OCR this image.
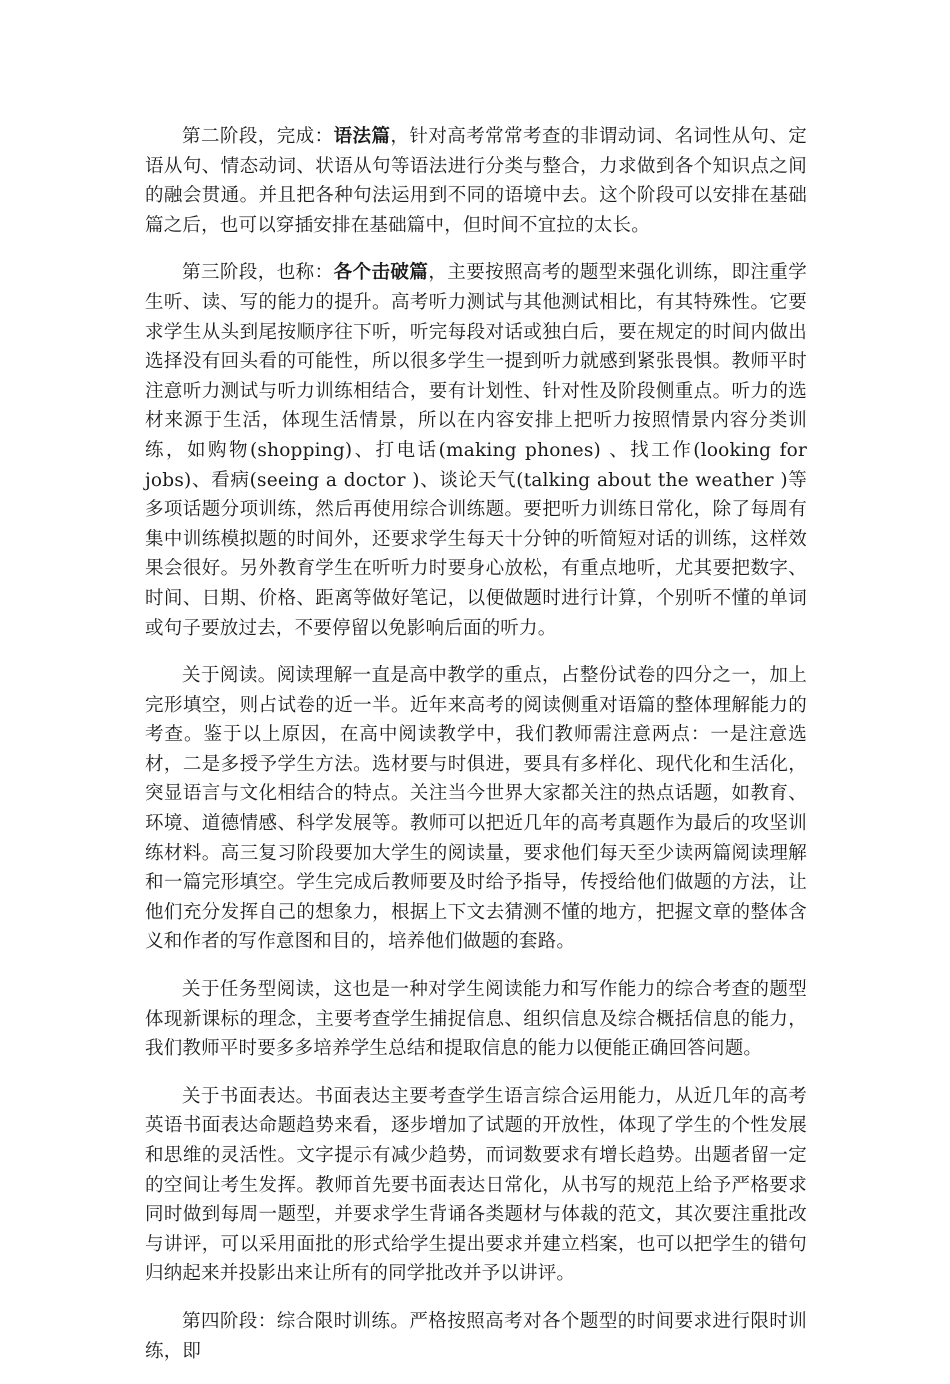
第二阶段，完成：语法篇，针对高考常常考查的非谓动词、名词性从句、定语从句、情态动词、状语从句等语法进行分类与整合，力求做到各个知识点之间的融会贯通。并且把各种句法运用到不同的语境中去。这个阶段可以安排在基础篇之后，也可以穿插安排在基础篇中，但时间不宜拉的太长。

第三阶段，也称：各个击破篇，主要按照高考的题型来强化训练，即注重学生听、读、写的能力的提升。高考听力测试与其他测试相比，有其特殊性。它要求学生从头到尾按顺序往下听，听完每段对话或独白后，要在规定的时间内做出选择没有回头看的可能性，所以很多学生一提到听力就感到紧张畏惧。教师平时注意听力测试与听力训练相结合，要有计划性、针对性及阶段侧重点。听力的选材来源于生活，体现生活情景，所以在内容安排上把听力按照情景内容分类训练，如购物(shopping)、打电话(making phones) 、找工作(looking for jobs)、看病(seeing a doctor )、谈论天气(talking about the weather )等多项话题分项训练，然后再使用综合训练题。要把听力训练日常化，除了每周有集中训练模拟题的时间外，还要求学生每天十分钟的听简短对话的训练，这样效果会很好。另外教育学生在听听力时要身心放松，有重点地听，尤其要把数字、时间、日期、价格、距离等做好笔记，以便做题时进行计算，个别听不懂的单词或句子要放过去，不要停留以免影响后面的听力。

关于阅读。阅读理解一直是高中教学的重点，占整份试卷的四分之一，加上完形填空，则占试卷的近一半。近年来高考的阅读侧重对语篇的整体理解能力的考查。鉴于以上原因，在高中阅读教学中，我们教师需注意两点：一是注意选材，二是多授予学生方法。选材要与时俱进，要具有多样化、现代化和生活化，突显语言与文化相结合的特点。关注当今世界大家都关注的热点话题，如教育、环境、道德情感、科学发展等。教师可以把近几年的高考真题作为最后的攻坚训练材料。高三复习阶段要加大学生的阅读量，要求他们每天至少读两篇阅读理解和一篇完形填空。学生完成后教师要及时给予指导，传授给他们做题的方法，让他们充分发挥自己的想象力，根据上下文去猜测不懂的地方，把握文章的整体含义和作者的写作意图和目的，培养他们做题的套路。

关于任务型阅读，这也是一种对学生阅读能力和写作能力的综合考查的题型体现新课标的理念，主要考查学生捕捉信息、组织信息及综合概括信息的能力，我们教师平时要多多培养学生总结和提取信息的能力以便能正确回答问题。

关于书面表达。书面表达主要考查学生语言综合运用能力，从近几年的高考英语书面表达命题趋势来看，逐步增加了试题的开放性，体现了学生的个性发展和思维的灵活性。文字提示有减少趋势，而词数要求有增长趋势。出题者留一定的空间让考生发挥。教师首先要书面表达日常化，从书写的规范上给予严格要求同时做到每周一题型，并要求学生背诵各类题材与体裁的范文，其次要注重批改与讲评，可以采用面批的形式给学生提出要求并建立档案，也可以把学生的错句归纳起来并投影出来让所有的同学批改并予以讲评。

第四阶段：综合限时训练。严格按照高考对各个题型的时间要求进行限时训练，即
